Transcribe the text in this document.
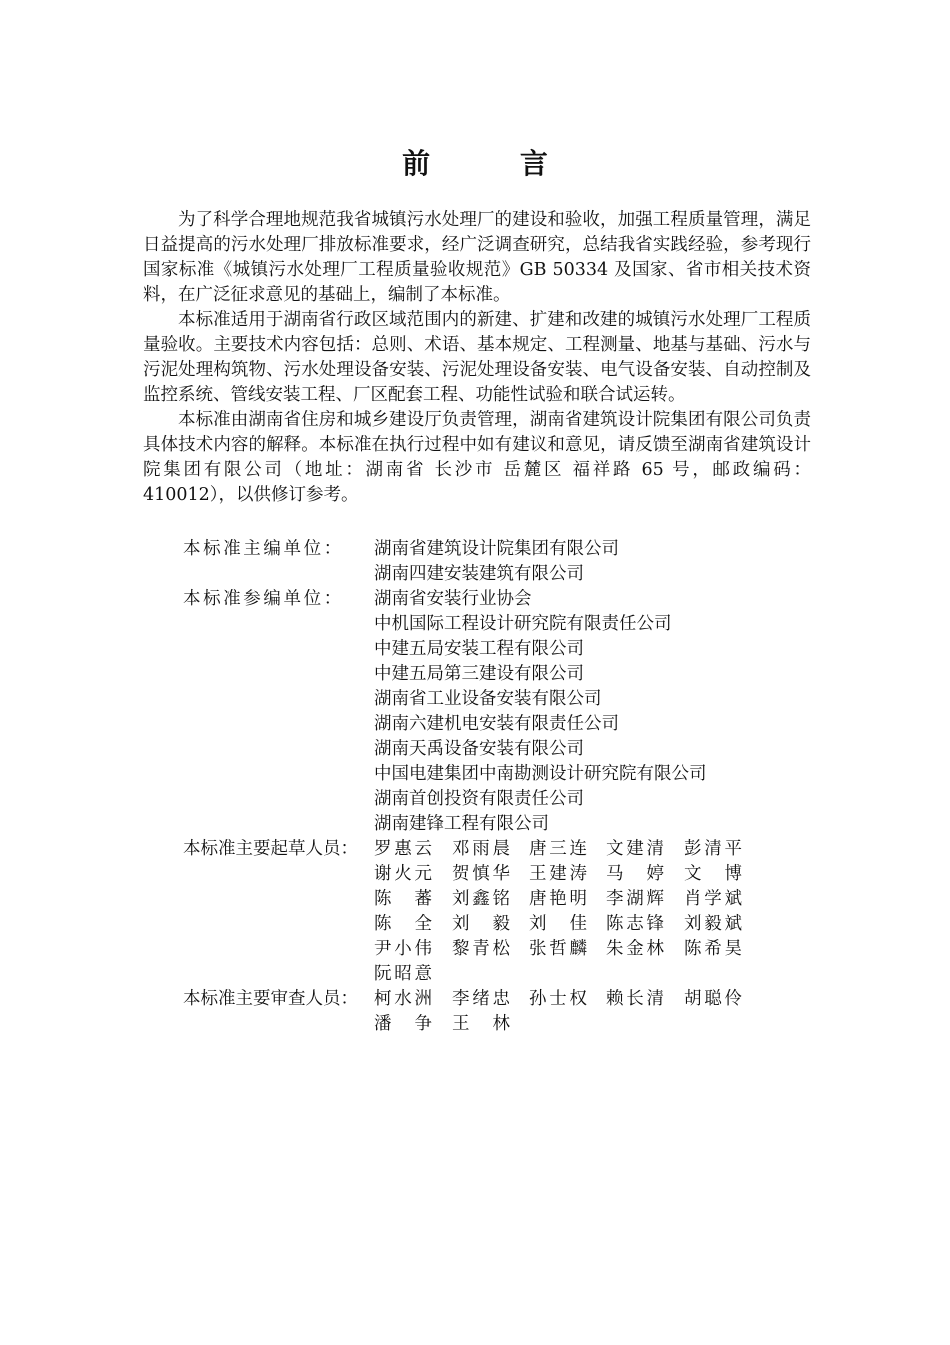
前 言

为了科学合理地规范我省城镇污水处理厂的建设和验收，加强工程质量管理，满足日益提高的污水处理厂排放标准要求，经广泛调查研究，总结我省实践经验，参考现行国家标准《城镇污水处理厂工程质量验收规范》GB 50334 及国家、省市相关技术资料，在广泛征求意见的基础上，编制了本标准。

本标准适用于湖南省行政区域范围内的新建、扩建和改建的城镇污水处理厂工程质量验收。主要技术内容包括：总则、术语、基本规定、工程测量、地基与基础、污水与污泥处理构筑物、污水处理设备安装、污泥处理设备安装、电气设备安装、自动控制及监控系统、管线安装工程、厂区配套工程、功能性试验和联合试运转。

本标准由湖南省住房和城乡建设厅负责管理，湖南省建筑设计院集团有限公司负责具体技术内容的解释。本标准在执行过程中如有建议和意见，请反馈至湖南省建筑设计院集团有限公司（地址：湖南省 长沙市 岳麓区 福祥路 65 号，邮政编码：410012），以供修订参考。

本标准主编单位：	湖南省建筑设计院集团有限公司
湖南四建安装建筑有限公司
本标准参编单位：	湖南省安装行业协会
中机国际工程设计研究院有限责任公司
中建五局安装工程有限公司
中建五局第三建设有限公司
湖南省工业设备安装有限公司
湖南六建机电安装有限责任公司
湖南天禹设备安装有限公司
中国电建集团中南勘测设计研究院有限公司
湖南首创投资有限责任公司
湖南建锋工程有限公司
本标准主要起草人员： 罗惠云 邓雨晨 唐三连 文建清 彭清平
谢火元 贺慎华 王建涛 马 婷 文 博
陈 蕃 刘鑫铭 唐艳明 李湖辉 肖学斌
陈 全 刘 毅 刘 佳 陈志锋 刘毅斌
尹小伟 黎青松 张哲麟 朱金林 陈希昊
阮昭意
本标准主要审查人员： 柯水洲 李绪忠 孙士权 赖长清 胡聪伶
潘 争 王 林
